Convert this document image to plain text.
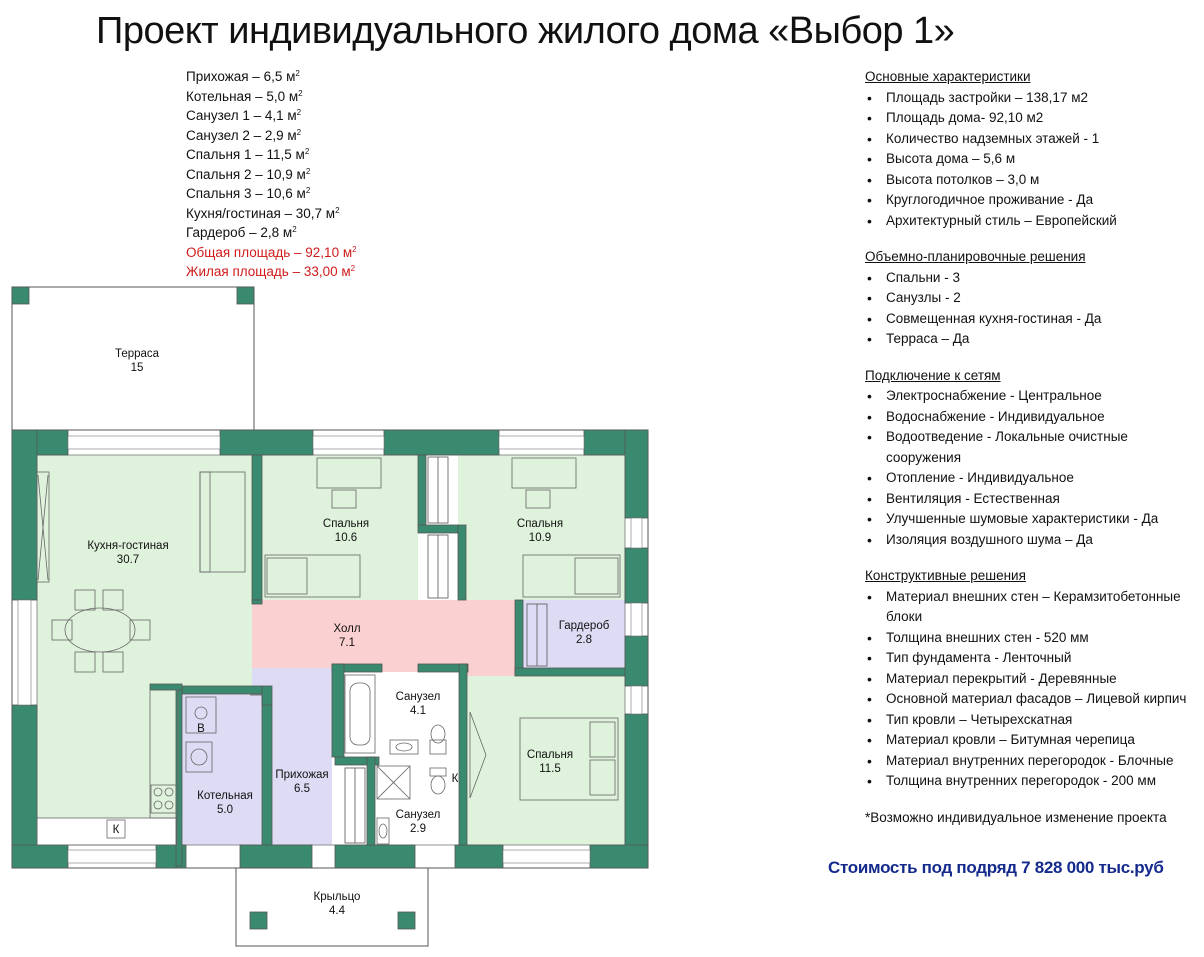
Проект индивидуального жилого дома «Выбор 1»
Прихожая – 6,5 $м^2$
Котельная – 5,0 $м^2$
Санузел 1 – 4,1 $м^2$
Санузел 2 – 2,9 $м^2$
Спальня 1 – 11,5 $м^2$
Спальня 2 – 10,9 $м^2$
Спальня 3 – 10,6 $м^2$
Кухня/гостиная – 30,7 $м^2$
Гардероб – 2,8 $м^2$
Общая площадь – 92,10 $м^2$
Жилая площадь – 33,00 $м^2$
Основные характеристики
• Площадь застройки – 138,17 м2
• Площадь дома- 92,10 м2
• Количество надземных этажей - 1
• Высота дома – 5,6 м
• Высота потолков – 3,0 м
• Круглогодичное проживание - Да
• Архитектурный стиль – Европейский
Объемно-планировочные решения
• Спальни - 3
• Санузлы - 2
• Совмещенная кухня-гостиная - Да
• Терраса – Да
Подключение к сетям
• Электроснабжение - Центральное
• Водоснабжение - Индивидуальное
• Водоотведение - Локальные очистные сооружения
• Отопление - Индивидуальное
• Вентиляция - Естественная
• Улучшенные шумовые характеристики - Да
• Изоляция воздушного шума – Да
Конструктивные решения
• Материал внешних стен – Керамзитобетонные блоки
• Толщина внешних стен - 520 мм
• Тип фундамента - Ленточный
• Материал перекрытий - Деревянные
• Основной материал фасадов – Лицевой кирпич
• Тип кровли – Четырехскатная
• Материал кровли – Битумная черепица
• Материал внутренних перегородок - Блочные
• Толщина внутренних перегородок - 200 мм
*Возможно индивидуальное изменение проекта
Стоимость под подряд 7 828 000 тыс.руб
К
К
В
Терраса
15
Кухня-гостиная
30.7
Спальня
10.6
Спальня
10.9
Холл
7.1
Гардероб
2.8
Санузел
4.1
Спальня
11.5
Прихожая
6.5
Котельная
5.0	Санузел
2.9
Крыльцо
4.4
